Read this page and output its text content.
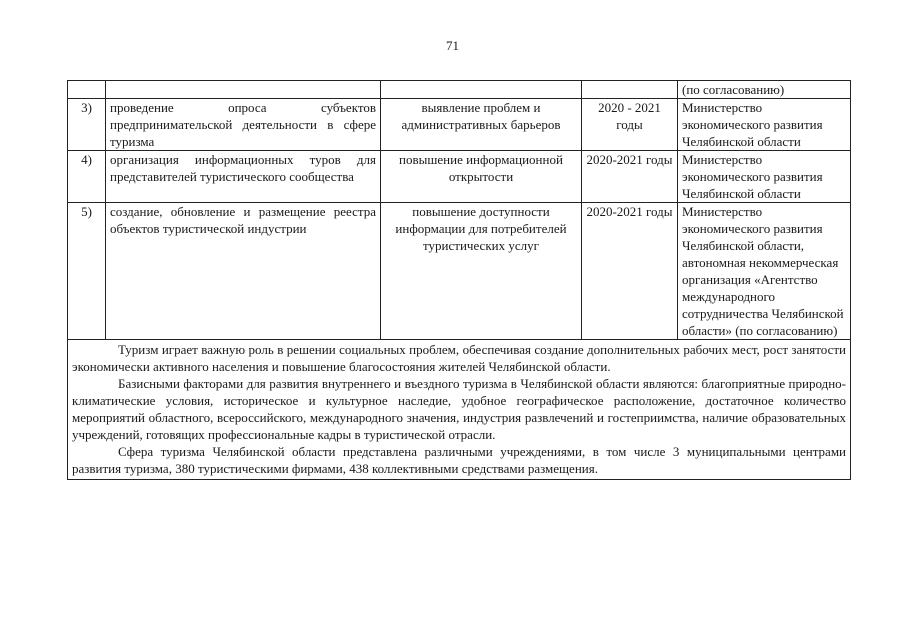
71
				(по согласованию)
3)	проведение опроса субъектов предпринимательской деятельности в сфере туризма	выявление проблем и административных барьеров	2020 - 2021 годы	Министерство экономического развития Челябинской области
4)	организация информационных туров для представителей туристического сообщества	повышение информационной открытости	2020-2021 годы	Министерство экономического развития Челябинской области
5)	создание, обновление и размещение реестра объектов туристической индустрии	повышение доступности информации для потребителей туристических услуг	2020-2021 годы	Министерство экономического развития Челябинской области, автономная некоммерческая организация «Агентство международного сотрудничества Челябинской области» (по согласованию)

Туризм играет важную роль в решении социальных проблем, обеспечивая создание дополнительных рабочих мест, рост занятости экономически активного населения и повышение благосостояния жителей Челябинской области.

Базисными факторами для развития внутреннего и въездного туризма в Челябинской области являются: благоприятные природно-климатические условия, историческое и культурное наследие, удобное географическое расположение, достаточное количество мероприятий областного, всероссийского, международного значения, индустрия развлечений и гостеприимства, наличие образовательных учреждений, готовящих профессиональные кадры в туристической отрасли.

Сфера туризма Челябинской области представлена различными учреждениями, в том числе 3 муниципальными центрами развития туризма, 380 туристическими фирмами, 438 коллективными средствами размещения.				
